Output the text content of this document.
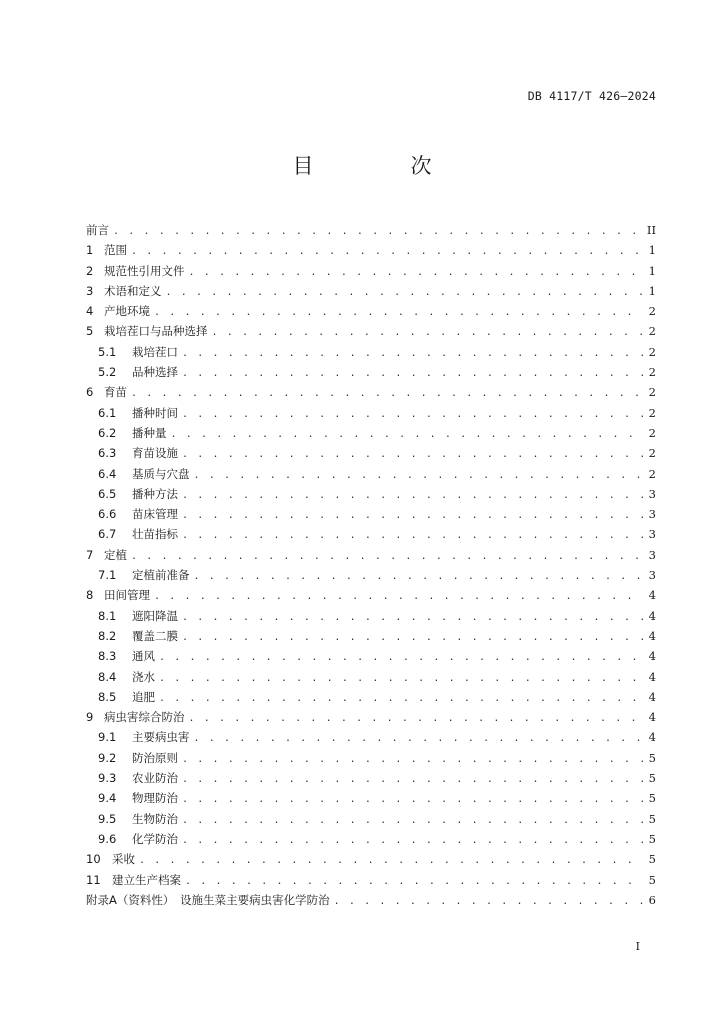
DB 4117/T 426—2024
目　次
前言 . . .	II
1 范围 . . .	1
2 规范性引用文件 . . .	1
3 术语和定义 . . .	1
4 产地环境 . . .	2
5 栽培茬口与品种选择 . . .	2
5.1	栽培茬口 . . .	2
5.2	品种选择 . . .	2
6 育苗 . . .	2
6.1	播种时间 . . .	2
6.2	播种量 . . .	2
6.3	育苗设施 . . .	2
6.4	基质与穴盘 . . .	2
6.5	播种方法 . . .	3
6.6	苗床管理 . . .	3
6.7	壮苗指标 . . .	3
7 定植 . . .	3
7.1	定植前准备 . . .	3
8 田间管理 . . .	4
8.1	遮阳降温 . . .	4
8.2	覆盖二膜 . . .	4
8.3	通风 . . .	4
8.4	浇水 . . .	4
8.5	追肥 . . .	4
9 病虫害综合防治 . . .	4
9.1	主要病虫害 . . .	4
9.2	防治原则 . . .	5
9.3	农业防治 . . .	5
9.4	物理防治 . . .	5
9.5	生物防治 . . .	5
9.6	化学防治 . . .	5
10 采收 . . .	5
11 建立生产档案 . . .	5
附录A（资料性）　设施生菜主要病虫害化学防治 . . .	6
I
